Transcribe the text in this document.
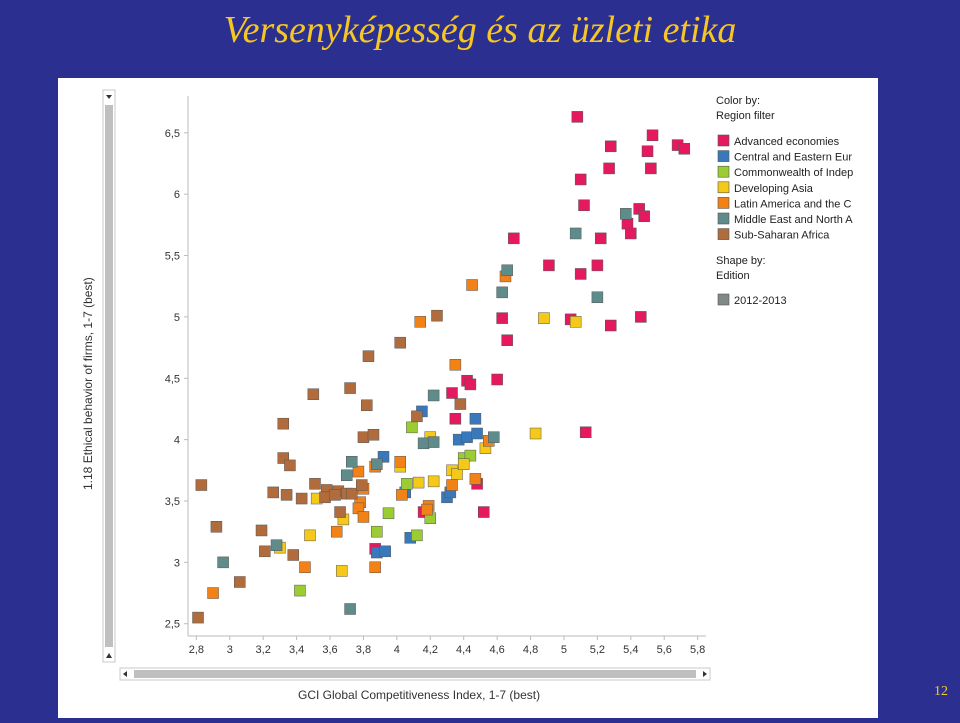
Versenyképesség és az üzleti etika
2,5
3
3,5
4
4,5
5
5,5
6
6,5
2,8 3 3,2 3,4 3,6 3,8 4 4,2 4,4 4,6 4,8 5 5,2 5,4 5,6 5,8
GCI Global Competitiveness Index, 1-7 (best)
1.18 Ethical behavior of firms, 1-7 (best)
Color by:
Region filter
Advanced economies
Central and Eastern Eur
Commonwealth of Indep
Developing Asia
Latin America and the C
Middle East and North A
Sub-Saharan Africa
Shape by:
Edition
2012-2013
12
